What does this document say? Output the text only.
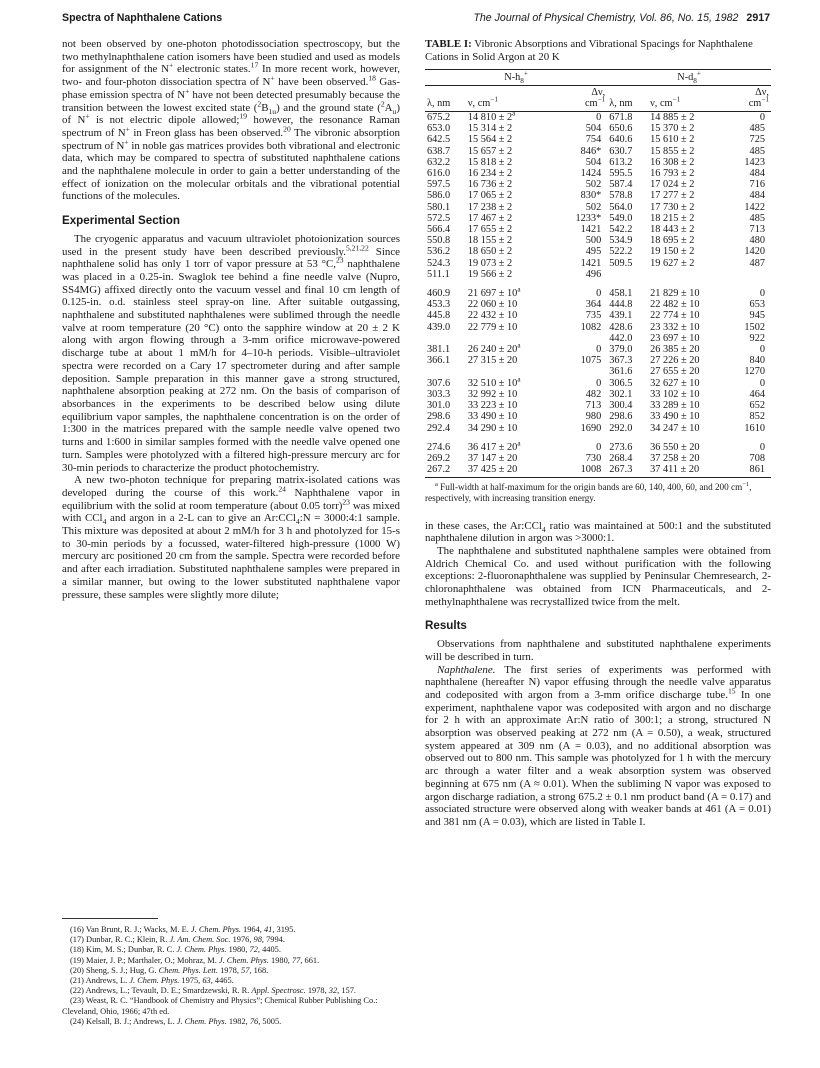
Spectra of Naphthalene Cations	The Journal of Physical Chemistry, Vol. 86, No. 15, 1982 2917

not been observed by one-photon photodissociation spectroscopy, but the two methylnaphthalene cation isomers have been studied and used as models for assignment of the N+ electronic states.$^{17}$ In more recent work, however, two- and four-photon dissociation spectra of N+ have been observed.$^{18}$ Gas-phase emission spectra of N+ have not been detected presumably because the transition between the lowest excited state $(^2B_{1u})$ and the ground state $(^2A_u)$ of N+ is not electric dipole allowed;$^{19}$ however, the resonance Raman spectrum of N+ in Freon glass has been observed.$^{20}$ The vibronic absorption spectrum of N+ in noble gas matrices provides both vibrational and electronic data, which may be compared to spectra of substituted naphthalene cations and the naphthalene molecule in order to gain a better understanding of the effect of ionization on the molecular orbitals and the vibrational potential functions of the molecules.

Experimental Section

The cryogenic apparatus and vacuum ultraviolet photoionization sources used in the present study have been described previously.$^{5,21,22}$ Since naphthalene solid has only 1 torr of vapor pressure at 53 °C,$^{23}$ naphthalene was placed in a 0.25-in. Swaglok tee behind a fine needle valve (Nupro, SS4MG) affixed directly onto the vacuum vessel and final 10 cm length of 0.125-in. o.d. stainless steel spray-on line. After suitable outgassing, naphthalene and substituted naphthalenes were sublimed through the needle valve at room temperature (20 °C) onto the sapphire window at 20 ± 2 K along with argon flowing through a 3-mm orifice microwave-powered discharge tube at about 1 mM/h for 4–10-h periods. Visible–ultraviolet spectra were recorded on a Cary 17 spectrometer during and after sample deposition. Sample preparation in this manner gave a strong structured, naphthalene absorption peaking at 272 nm. On the basis of comparison of absorbances in the experiments to be described below using dilute equilibrium vapor samples, the naphthalene concentration is on the order of 1:300 in the matrices prepared with the sample needle valve opened two turns and 1:600 in similar samples formed with the needle valve opened one turn. Samples were photolyzed with a filtered high-pressure mercury arc for 30-min periods to characterize the product photochemistry.

A new two-photon technique for preparing matrix-isolated cations was developed during the course of this work.$^{24}$ Naphthalene vapor in equilibrium with the solid at room temperature (about 0.05 torr)$^{23}$ was mixed with CCl$_4$ and argon in a 2-L can to give an Ar:CCl$_4$:N = 3000:4:1 sample. This mixture was deposited at about 2 mM/h for 3 h and photolyzed for 15-s to 30-min periods by a focussed, water-filtered high-pressure (1000 W) mercury arc positioned 20 cm from the sample. Spectra were recorded before and after each irradiation. Substituted naphthalene samples were prepared in a similar manner, but owing to the lower substituted naphthalene vapor pressure, these samples were slightly more dilute;

(16) Van Brunt, R. J.; Wacks, M. E. J. Chem. Phys. 1964, 41, 3195.
(17) Dunbar, R. C.; Klein, R. J. Am. Chem. Soc. 1976, 98, 7994.
(18) Kim, M. S.; Dunbar, R. C. J. Chem. Phys. 1980, 72, 4405.
(19) Maier, J. P.; Marthaler, O.; Mohraz, M. J. Chem. Phys. 1980, 77, 661.
(20) Sheng, S. J.; Hug, G. Chem. Phys. Lett. 1978, 57, 168.
(21) Andrews, L. J. Chem. Phys. 1975, 63, 4465.
(22) Andrews, L.; Tevault, D. E.; Smardzewski, R. R. Appl. Spectrosc. 1978, 32, 157.
(23) Weast, R. C. “Handbook of Chemistry and Physics”; Chemical Rubber Publishing Co.: Cleveland, Ohio, 1966; 47th ed.
(24) Kelsall, B. J.; Andrews, L. J. Chem. Phys. 1982, 76, 5005.
TABLE I: Vibronic Absorptions and Vibrational Spacings for Naphthalene Cations in Solid Argon at 20 K
$N-h_8^+$				$N-d_8^+$
λ, nm	ν, $cm^{-1}$		Δν,
$cm^{-1}$	λ, nm	ν, $cm^{-1}$	Δν,
$cm^{-1}$
675.2	14 $810 \pm 2^a$		0	671.8	14 885 ± 2	0
653.0	15 314 ± 2		504	650.6	15 370 ± 2	485
642.5	15 564 ± 2		754	640.6	15 610 ± 2	725
638.7	15 657 ± 2		846*	630.7	15 855 ± 2	485
632.2	15 818 ± 2		504	613.2	16 308 ± 2	1423
616.0	16 234 ± 2		1424	595.5	16 793 ± 2	484
597.5	16 736 ± 2		502	587.4	17 024 ± 2	716
586.0	17 065 ± 2		830*	578.8	17 277 ± 2	484
580.1	17 238 ± 2		502	564.0	17 730 ± 2	1422
572.5	17 467 ± 2		1233*	549.0	18 215 ± 2	485
566.4	17 655 ± 2		1421	542.2	18 443 ± 2	713
550.8	18 155 ± 2		500	534.9	18 695 ± 2	480
536.2	18 650 ± 2		495	522.2	19 150 ± 2	1420
524.3	19 073 ± 2		1421	509.5	19 627 ± 2	487
511.1	19 566 ± 2		496			

460.9	21 $697 \pm 10^a$		0	458.1	21 829 ± 10	0
453.3	22 060 ± 10		364	444.8	22 482 ± 10	653
445.8	22 432 ± 10		735	439.1	22 774 ± 10	945
439.0	22 779 ± 10		1082	428.6	23 332 ± 10	1502
				442.0	23 697 ± 10	922
381.1	26 $240 \pm 20^a$		0	379.0	26 385 ± 20	0
366.1	27 315 ± 20		1075	367.3	27 226 ± 20	840
				361.6	27 655 ± 20	1270
307.6	32 $510 \pm 10^a$		0	306.5	32 627 ± 10	0
303.3	32 992 ± 10		482	302.1	33 102 ± 10	464
301.0	33 223 ± 10		713	300.4	33 289 ± 10	652
298.6	33 490 ± 10		980	298.6	33 490 ± 10	852
292.4	34 290 ± 10		1690	292.0	34 247 ± 10	1610

274.6	36 $417 \pm 20^a$		0	273.6	36 550 ± 20	0
269.2	37 147 ± 20		730	268.4	37 258 ± 20	708
267.2	37 425 ± 20		1008	267.3	37 411 ± 20	861

$^a$ Full-width at half-maximum for the origin bands are 60, 140, 400, 60, and 200 $cm^{-1}$, respectively, with increasing transition energy.

in these cases, the Ar:CCl$_4$ ratio was maintained at 500:1 and the substituted naphthalene dilution in argon was >3000:1.

The naphthalene and substituted naphthalene samples were obtained from Aldrich Chemical Co. and used without purification with the following exceptions: 2-fluoronaphthalene was supplied by Peninsular Chemresearch, 2-chloronaphthalene was obtained from ICN Pharmaceuticals, and 2-methylnaphthalene was recrystallized twice from the melt.

Results

Observations from naphthalene and substituted naphthalene experiments will be described in turn.

Naphthalene. The first series of experiments was performed with naphthalene (hereafter N) vapor effusing through the needle valve apparatus and codeposited with argon from a 3-mm orifice discharge tube.$^{15}$ In one experiment, naphthalene vapor was codeposited with argon and no discharge for 2 h with an approximate Ar:N ratio of 300:1; a strong, structured N absorption was observed peaking at 272 nm (A = 0.50), a weak, structured system appeared at 309 nm (A = 0.03), and no additional absorption was observed out to 800 nm. This sample was photolyzed for 1 h with the mercury arc through a water filter and a weak absorption system was observed beginning at 675 nm (A ≈ 0.01). When the subliming N vapor was exposed to argon discharge radiation, a strong 675.2 ± 0.1 nm product band (A = 0.17) and associated structure were observed along with weaker bands at 461 (A = 0.01) and 381 nm (A = 0.03), which are listed in Table I.
